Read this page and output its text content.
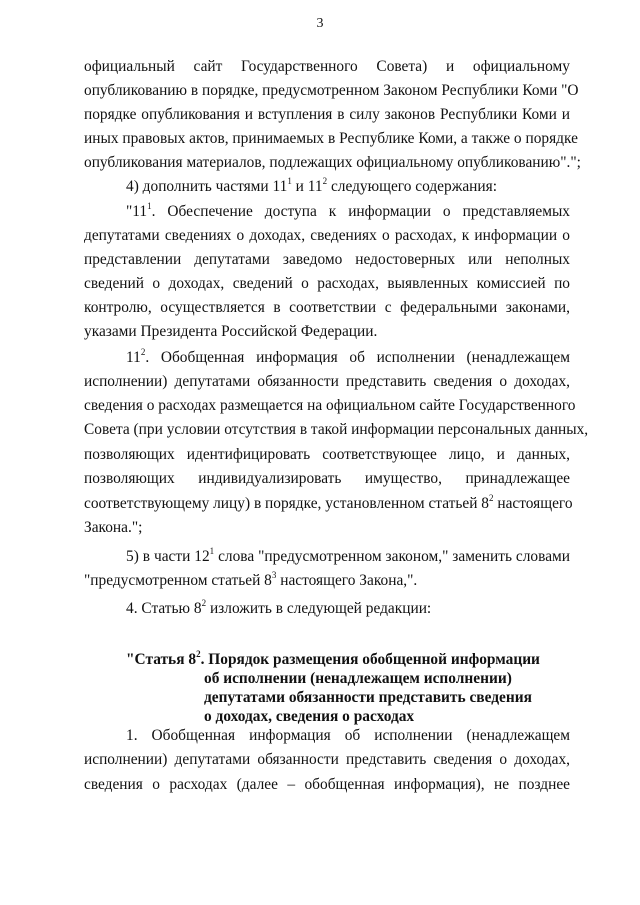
3
официальный сайт Государственного Совета) и официальному
опубликованию в порядке, предусмотренном Законом Республики Коми "О
порядке опубликования и вступления в силу законов Республики Коми и
иных правовых актов, принимаемых в Республике Коми, а также о порядке
опубликования материалов, подлежащих официальному опубликованию".";
4) дополнить частями $11^1$ и $11^2$ следующего содержания:
"$11^1$. Обеспечение доступа к информации о представляемых
депутатами сведениях о доходах, сведениях о расходах, к информации о
представлении депутатами заведомо недостоверных или неполных
сведений о доходах, сведений о расходах, выявленных комиссией по
контролю, осуществляется в соответствии с федеральными законами,
указами Президента Российской Федерации.
$11^2$. Обобщенная информация об исполнении (ненадлежащем
исполнении) депутатами обязанности представить сведения о доходах,
сведения о расходах размещается на официальном сайте Государственного
Совета (при условии отсутствия в такой информации персональных данных,
позволяющих идентифицировать соответствующее лицо, и данных,
позволяющих индивидуализировать имущество, принадлежащее
соответствующему лицу) в порядке, установленном статьей $8^2$ настоящего
Закона.";
5) в части $12^1$ слова "предусмотренном законом," заменить словами
"предусмотренном статьей $8^3$ настоящего Закона,".
4. Статью $8^2$ изложить в следующей редакции:
1. Обобщенная информация об исполнении (ненадлежащем
исполнении) депутатами обязанности представить сведения о доходах,
сведения о расходах (далее – обобщенная информация), не позднее
"Статья $8^2$. Порядок размещения обобщенной информации
об исполнении (ненадлежащем исполнении)
депутатами обязанности представить сведения
о доходах, сведения о расходах
